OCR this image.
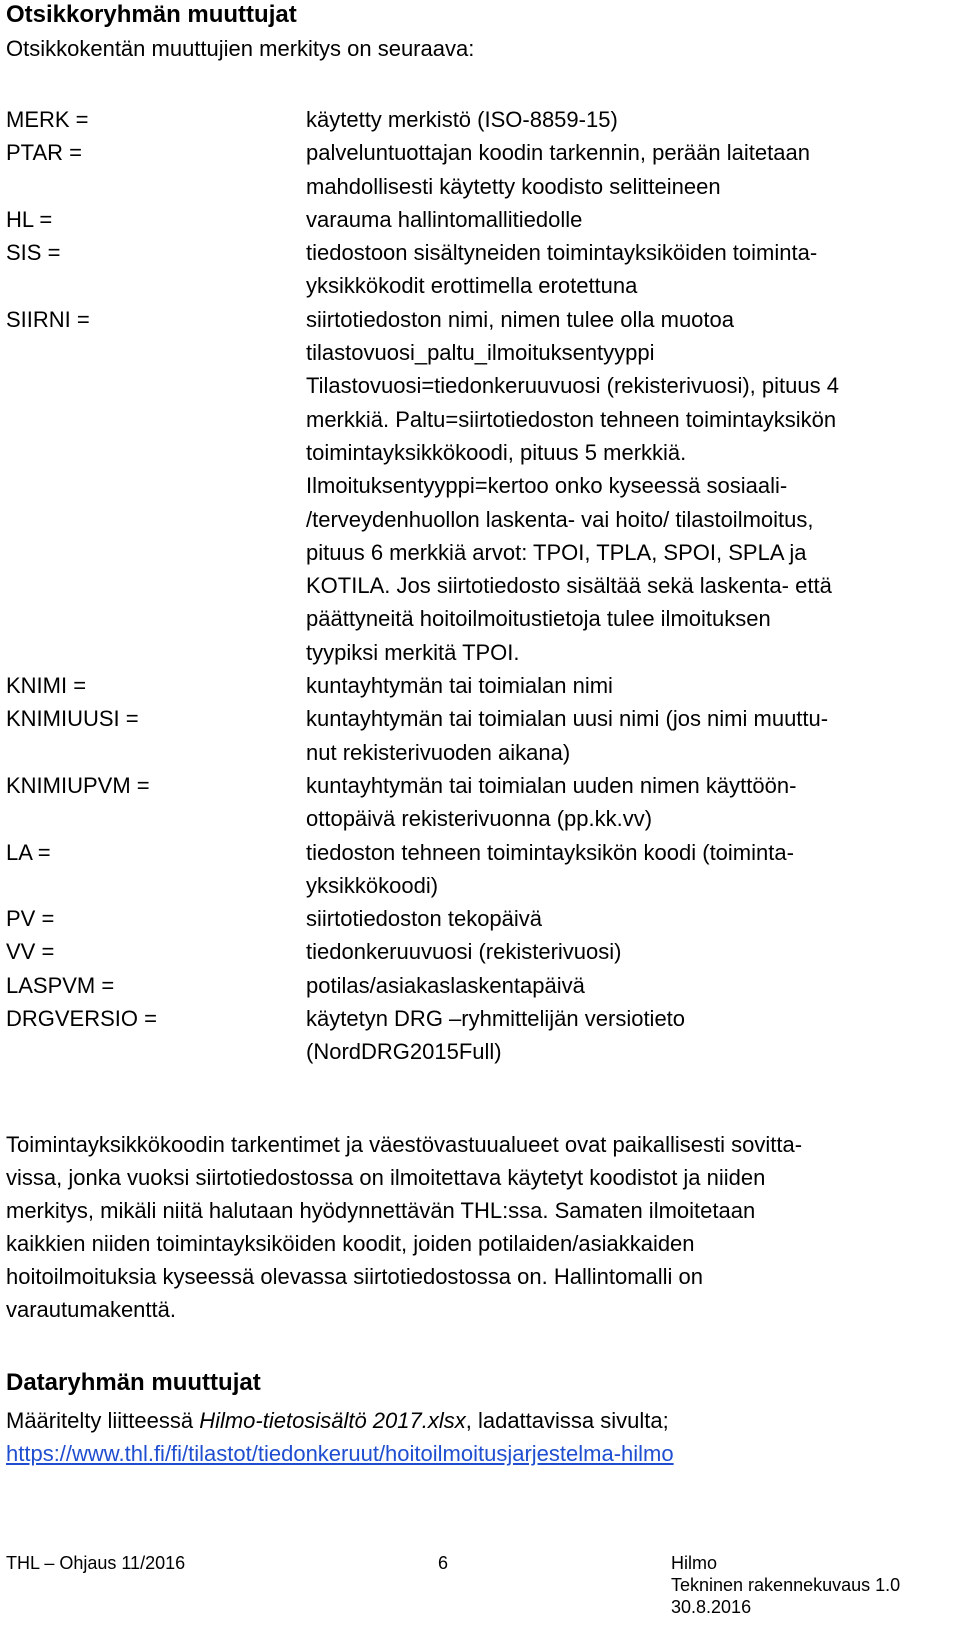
Otsikkoryhmän muuttujat
Otsikkokentän muuttujien merkitys on seuraava:
MERK =	käytetty merkistö (ISO-8859-15)
PTAR =	palveluntuottajan koodin tarkennin, perään laitetaan
mahdollisesti käytetty koodisto selitteineen
HL =	varauma hallintomallitiedolle
SIS =	tiedostoon sisältyneiden toimintayksiköiden toiminta-
yksikkökodit erottimella erotettuna
SIIRNI =	siirtotiedoston nimi, nimen tulee olla muotoa
tilastovuosi_paltu_ilmoituksentyyppi
Tilastovuosi=tiedonkeruuvuosi (rekisterivuosi), pituus 4
merkkiä. Paltu=siirtotiedoston tehneen toimintayksikön
toimintayksikkökoodi, pituus 5 merkkiä.
Ilmoituksentyyppi=kertoo onko kyseessä sosiaali-
/terveydenhuollon laskenta- vai hoito/ tilastoilmoitus,
pituus 6 merkkiä arvot: TPOI, TPLA, SPOI, SPLA ja
KOTILA. Jos siirtotiedosto sisältää sekä laskenta- että
päättyneitä hoitoilmoitustietoja tulee ilmoituksen
tyypiksi merkitä TPOI.
KNIMI =	kuntayhtymän tai toimialan nimi
KNIMIUUSI =	kuntayhtymän tai toimialan uusi nimi (jos nimi muuttu-
nut rekisterivuoden aikana)
KNIMIUPVM =	kuntayhtymän tai toimialan uuden nimen käyttöön-
ottopäivä rekisterivuonna (pp.kk.vv)
LA =	tiedoston tehneen toimintayksikön koodi (toiminta-
yksikkökoodi)
PV =	siirtotiedoston tekopäivä
VV =	tiedonkeruuvuosi (rekisterivuosi)
LASPVM =	potilas/asiakaslaskentapäivä
DRGVERSIO =	käytetyn DRG –ryhmittelijän versiotieto
(NordDRG2015Full)
Toimintayksikkökoodin tarkentimet ja väestövastuualueet ovat paikallisesti sovitta-
vissa, jonka vuoksi siirtotiedostossa on ilmoitettava käytetyt koodistot ja niiden
merkitys, mikäli niitä halutaan hyödynnettävän THL:ssa. Samaten ilmoitetaan
kaikkien niiden toimintayksiköiden koodit, joiden potilaiden/asiakkaiden
hoitoilmoituksia kyseessä olevassa siirtotiedostossa on. Hallintomalli on
varautumakenttä.
Dataryhmän muuttujat
Määritelty liitteessä Hilmo-tietosisältö 2017.xlsx, ladattavissa sivulta;
https://www.thl.fi/fi/tilastot/tiedonkeruut/hoitoilmoitusjarjestelma-hilmo
THL – Ohjaus 11/2016	6	Hilmo
Tekninen rakennekuvaus 1.0
30.8.2016
